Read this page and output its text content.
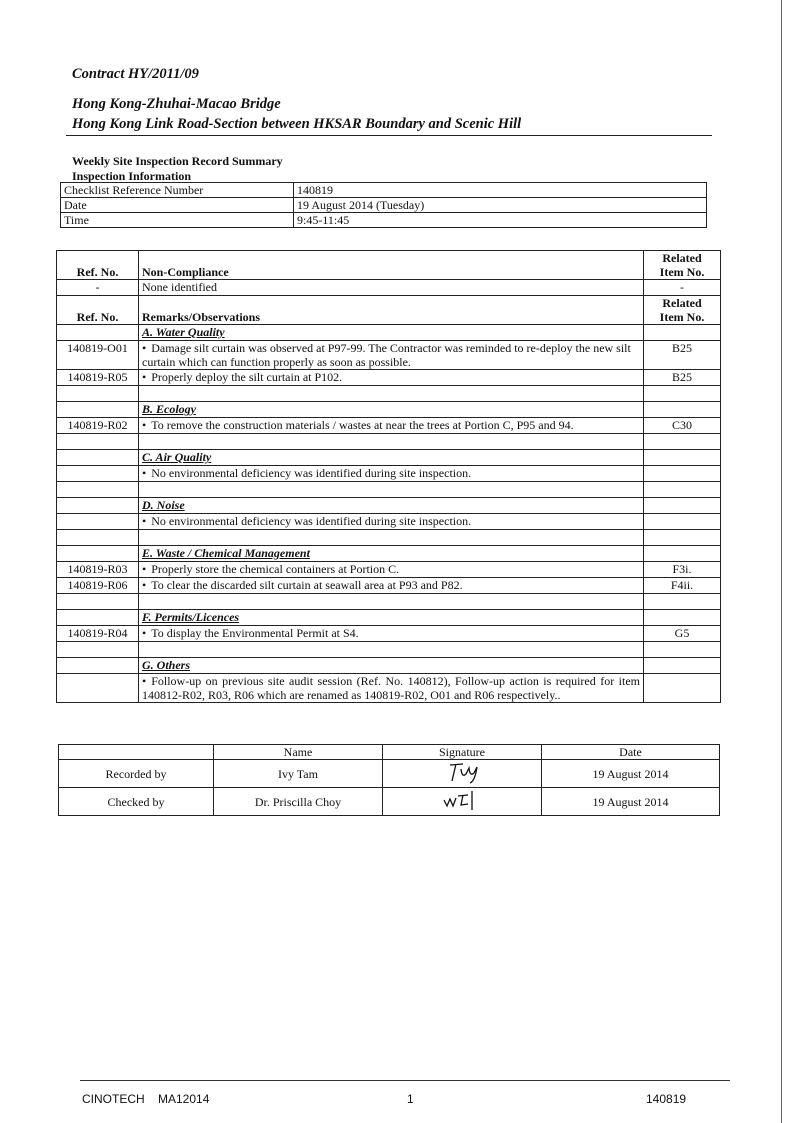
Contract HY/2011/09
Hong Kong-Zhuhai-Macao Bridge
Hong Kong Link Road-Section between HKSAR Boundary and Scenic Hill
Weekly Site Inspection Record Summary
Inspection Information
Checklist Reference Number	140819
Date	19 August 2014 (Tuesday)
Time	9:45-11:45
Ref. No.	Non-Compliance	Related
Item No.
-	None identified	-
Ref. No.	Remarks/Observations	Related
Item No.
	A. Water Quality	
140819-O01	• Damage silt curtain was observed at P97-99. The Contractor was reminded to re-deploy the new silt curtain which can function properly as soon as possible.	B25
140819-R05	• Properly deploy the silt curtain at P102.	B25

	B. Ecology	
140819-R02	• To remove the construction materials / wastes at near the trees at Portion C, P95 and 94.	C30

	C. Air Quality	
	• No environmental deficiency was identified during site inspection.	

	D. Noise	
	• No environmental deficiency was identified during site inspection.	

	E. Waste / Chemical Management	
140819-R03	• Properly store the chemical containers at Portion C.	F3i.
140819-R06	• To clear the discarded silt curtain at seawall area at P93 and P82.	F4ii.

	F. Permits/Licences	
140819-R04	• To display the Environmental Permit at S4.	G5

	G. Others	
	• Follow-up on previous site audit session (Ref. No. 140812), Follow-up action is required for item 140812-R02, R03, R06 which are renamed as 140819-R02, O01 and R06 respectively..	
	Name	Signature	Date
Recorded by	Ivy Tam		19 August 2014
Checked by	Dr. Priscilla Choy		19 August 2014
CINOTECH    MA12014	1	140819
